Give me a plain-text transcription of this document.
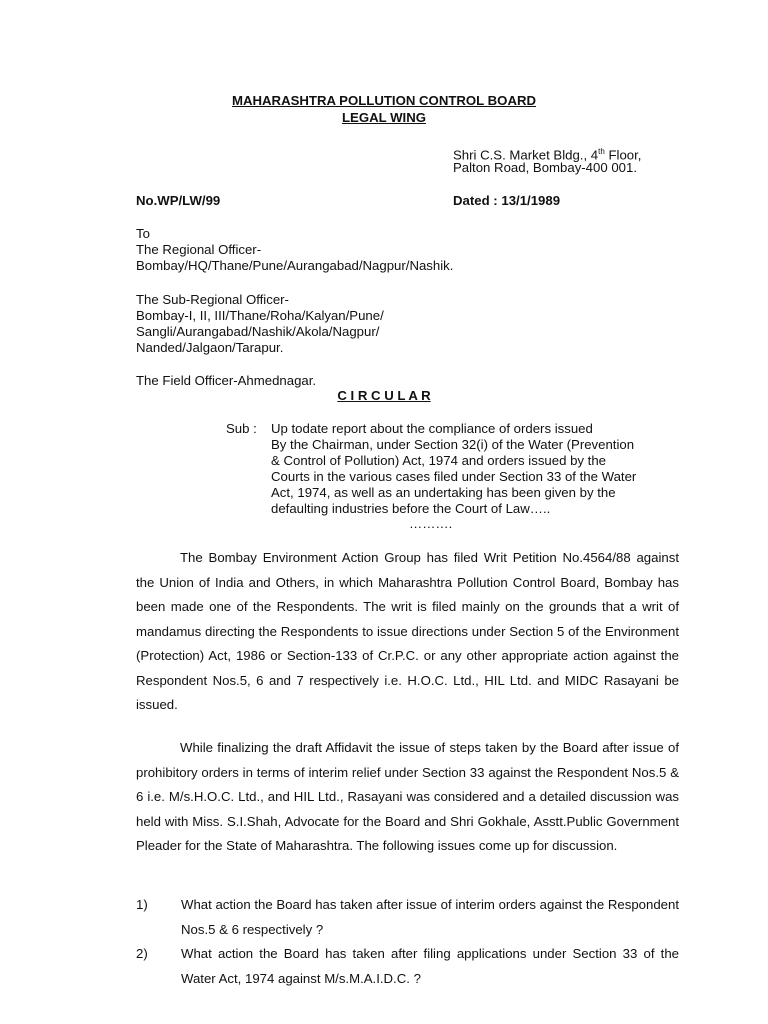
MAHARASHTRA POLLUTION CONTROL BOARD
LEGAL WING
Shri C.S. Market Bldg., 4th Floor,
Palton Road, Bombay-400 001.
No.WP/LW/99	Dated : 13/1/1989
To
The Regional Officer-
Bombay/HQ/Thane/Pune/Aurangabad/Nagpur/Nashik.
The Sub-Regional Officer-
Bombay-I, II, III/Thane/Roha/Kalyan/Pune/
Sangli/Aurangabad/Nashik/Akola/Nagpur/
Nanded/Jalgaon/Tarapur.
The Field Officer-Ahmednagar.
C I R C U L A R
Sub : Up todate report about the compliance of orders issued
By the Chairman, under Section 32(i) of the Water (Prevention
& Control of Pollution) Act, 1974 and orders issued by the
Courts in the various cases filed under Section 33 of the Water
Act, 1974, as well as an undertaking has been given by the
defaulting industries before the Court of Law…..
……….

The Bombay Environment Action Group has filed Writ Petition No.4564/88 against the Union of India and Others, in which Maharashtra Pollution Control Board, Bombay has been made one of the Respondents. The writ is filed mainly on the grounds that a writ of mandamus directing the Respondents to issue directions under Section 5 of the Environment (Protection) Act, 1986 or Section-133 of Cr.P.C. or any other appropriate action against the Respondent Nos.5, 6 and 7 respectively i.e. H.O.C. Ltd., HIL Ltd. and MIDC Rasayani be issued.

While finalizing the draft Affidavit the issue of steps taken by the Board after issue of prohibitory orders in terms of interim relief under Section 33 against the Respondent Nos.5 & 6 i.e. M/s.H.O.C. Ltd., and HIL Ltd., Rasayani was considered and a detailed discussion was held with Miss. S.I.Shah, Advocate for the Board and Shri Gokhale, Asstt.Public Government Pleader for the State of Maharashtra. The following issues come up for discussion.

1)	What action the Board has taken after issue of interim orders against the Respondent Nos.5 & 6 respectively ?
2)	What action the Board has taken after filing applications under Section 33 of the Water Act, 1974 against M/s.M.A.I.D.C. ?
